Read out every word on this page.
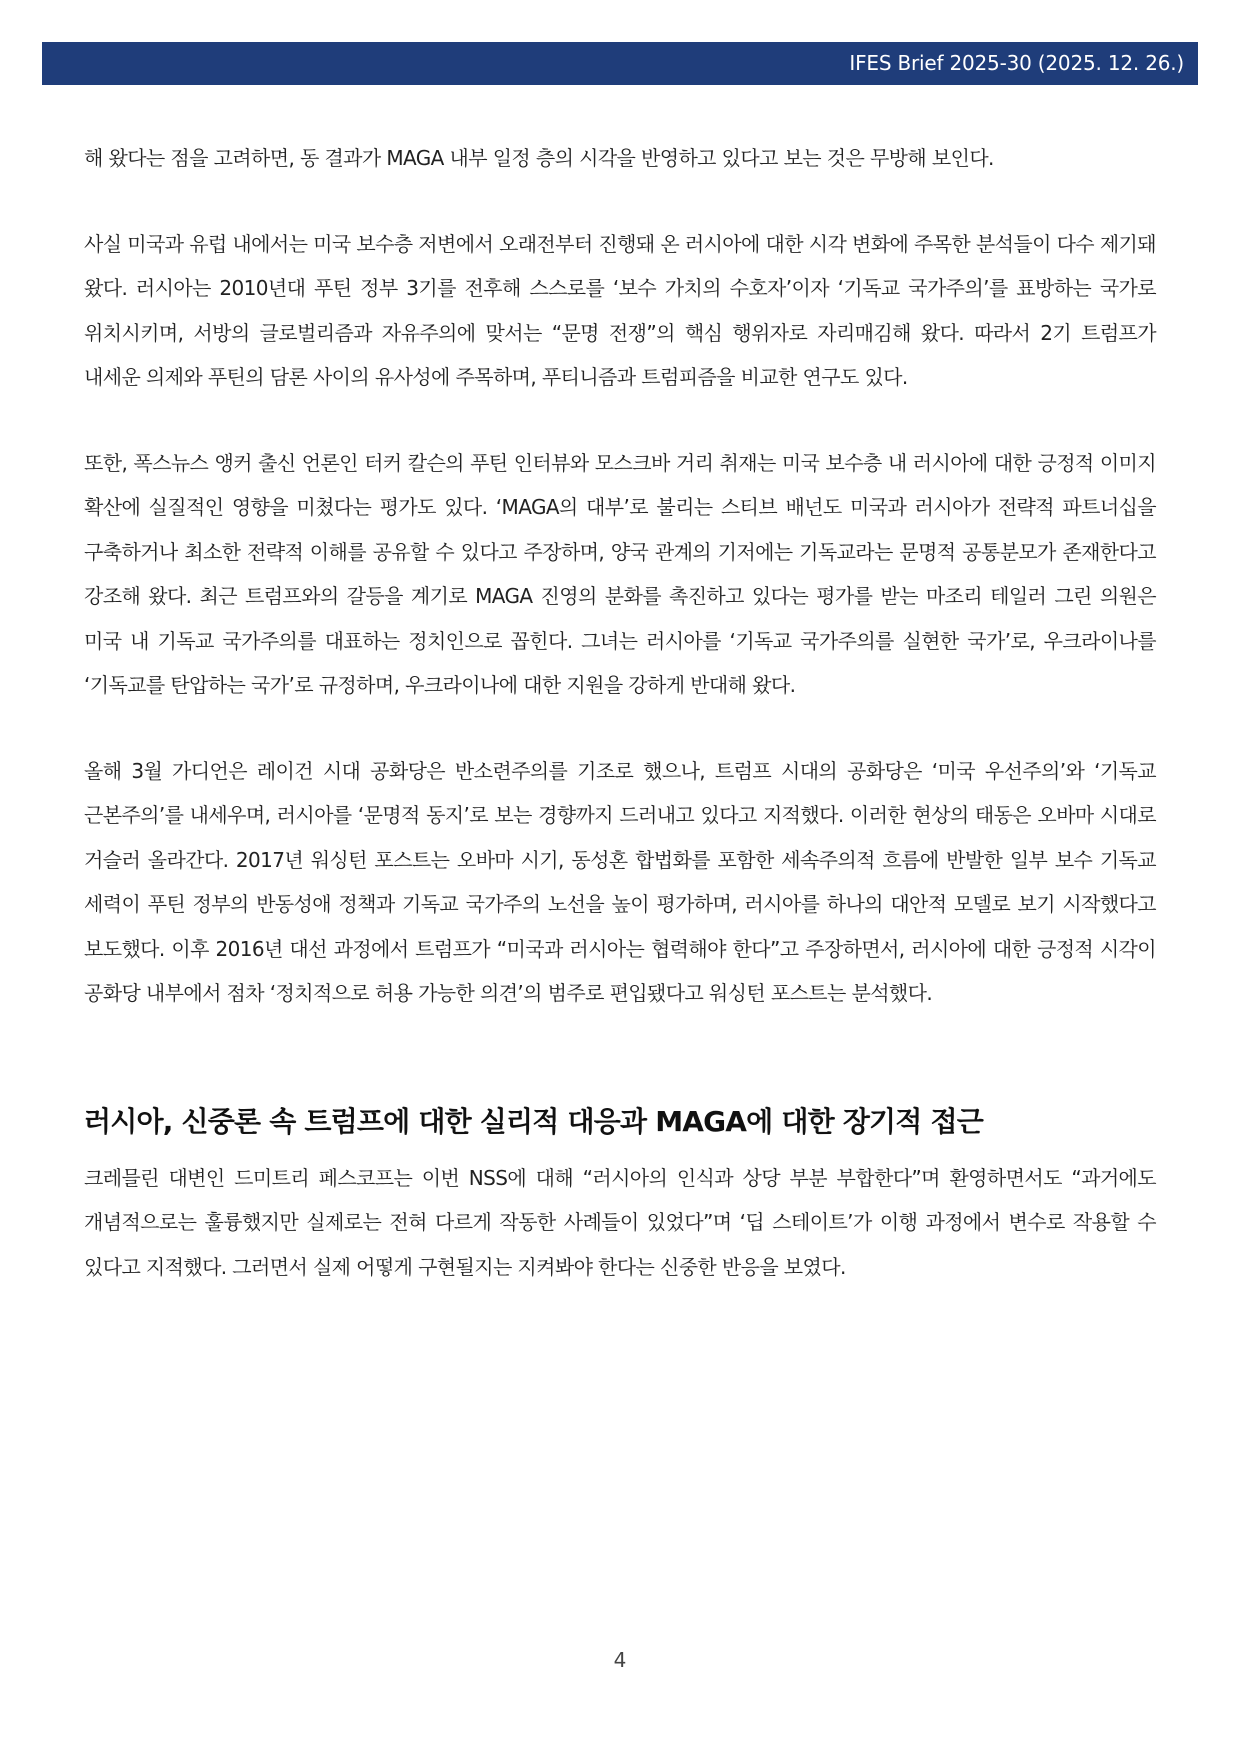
IFES Brief 2025-30 (2025. 12. 26.)

해 왔다는 점을 고려하면, 동 결과가 MAGA 내부 일정 층의 시각을 반영하고 있다고 보는 것은 무방해 보인다.

사실 미국과 유럽 내에서는 미국 보수층 저변에서 오래전부터 진행돼 온 러시아에 대한 시각 변화에 주목한 분석들이 다수 제기돼 왔다. 러시아는 2010년대 푸틴 정부 3기를 전후해 스스로를 ‘보수 가치의 수호자’이자 ‘기독교 국가주의’를 표방하는 국가로 위치시키며, 서방의 글로벌리즘과 자유주의에 맞서는 “문명 전쟁”의 핵심 행위자로 자리매김해 왔다. 따라서 2기 트럼프가 내세운 의제와 푸틴의 담론 사이의 유사성에 주목하며, 푸티니즘과 트럼피즘을 비교한 연구도 있다.

또한, 폭스뉴스 앵커 출신 언론인 터커 칼슨의 푸틴 인터뷰와 모스크바 거리 취재는 미국 보수층 내 러시아에 대한 긍정적 이미지 확산에 실질적인 영향을 미쳤다는 평가도 있다. ‘MAGA의 대부’로 불리는 스티브 배넌도 미국과 러시아가 전략적 파트너십을 구축하거나 최소한 전략적 이해를 공유할 수 있다고 주장하며, 양국 관계의 기저에는 기독교라는 문명적 공통분모가 존재한다고 강조해 왔다. 최근 트럼프와의 갈등을 계기로 MAGA 진영의 분화를 촉진하고 있다는 평가를 받는 마조리 테일러 그린 의원은 미국 내 기독교 국가주의를 대표하는 정치인으로 꼽힌다. 그녀는 러시아를 ‘기독교 국가주의를 실현한 국가’로, 우크라이나를 ‘기독교를 탄압하는 국가’로 규정하며, 우크라이나에 대한 지원을 강하게 반대해 왔다.

올해 3월 가디언은 레이건 시대 공화당은 반소련주의를 기조로 했으나, 트럼프 시대의 공화당은 ‘미국 우선주의’와 ‘기독교 근본주의’를 내세우며, 러시아를 ‘문명적 동지’로 보는 경향까지 드러내고 있다고 지적했다. 이러한 현상의 태동은 오바마 시대로 거슬러 올라간다. 2017년 워싱턴 포스트는 오바마 시기, 동성혼 합법화를 포함한 세속주의적 흐름에 반발한 일부 보수 기독교 세력이 푸틴 정부의 반동성애 정책과 기독교 국가주의 노선을 높이 평가하며, 러시아를 하나의 대안적 모델로 보기 시작했다고 보도했다. 이후 2016년 대선 과정에서 트럼프가 “미국과 러시아는 협력해야 한다”고 주장하면서, 러시아에 대한 긍정적 시각이 공화당 내부에서 점차 ‘정치적으로 허용 가능한 의견’의 범주로 편입됐다고 워싱턴 포스트는 분석했다.

러시아, 신중론 속 트럼프에 대한 실리적 대응과 MAGA에 대한 장기적 접근

크레믈린 대변인 드미트리 페스코프는 이번 NSS에 대해 “러시아의 인식과 상당 부분 부합한다”며 환영하면서도 “과거에도 개념적으로는 훌륭했지만 실제로는 전혀 다르게 작동한 사례들이 있었다”며 ‘딥 스테이트’가 이행 과정에서 변수로 작용할 수 있다고 지적했다. 그러면서 실제 어떻게 구현될지는 지켜봐야 한다는 신중한 반응을 보였다.

4
